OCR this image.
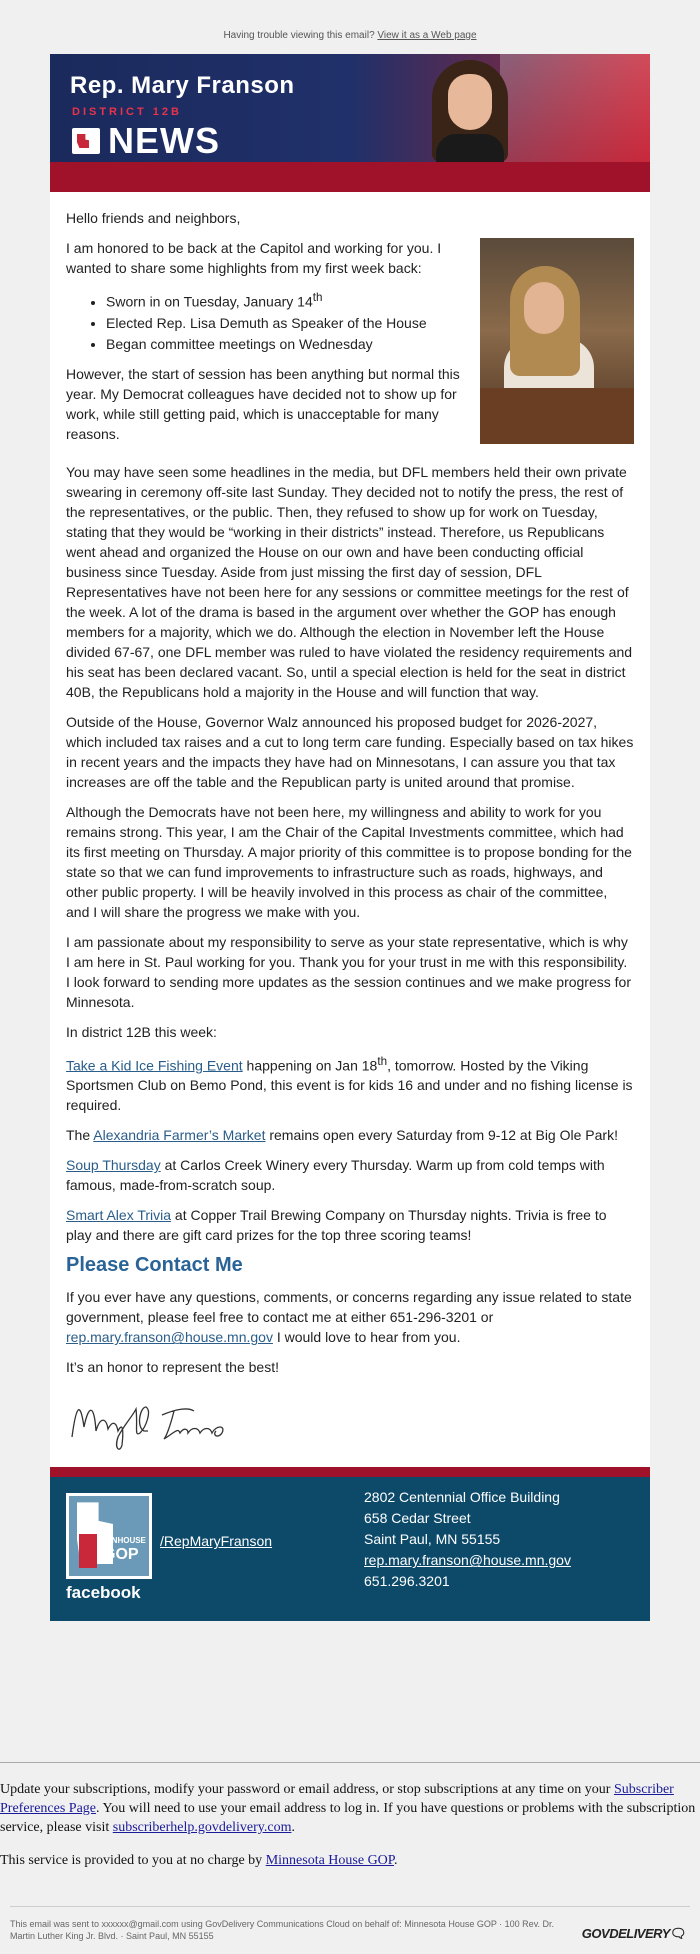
Having trouble viewing this email? View it as a Web page
Rep. Mary Franson
DISTRICT 12B
NEWS

Hello friends and neighbors,

I am honored to be back at the Capitol and working for you. I wanted to share some highlights from my first week back:

• Sworn in on Tuesday, January 14th
• Elected Rep. Lisa Demuth as Speaker of the House
• Began committee meetings on Wednesday

However, the start of session has been anything but normal this year. My Democrat colleagues have decided not to show up for work, while still getting paid, which is unacceptable for many reasons.

You may have seen some headlines in the media, but DFL members held their own private swearing in ceremony off-site last Sunday. They decided not to notify the press, the rest of the representatives, or the public. Then, they refused to show up for work on Tuesday, stating that they would be “working in their districts” instead. Therefore, us Republicans went ahead and organized the House on our own and have been conducting official business since Tuesday. Aside from just missing the first day of session, DFL Representatives have not been here for any sessions or committee meetings for the rest of the week. A lot of the drama is based in the argument over whether the GOP has enough members for a majority, which we do. Although the election in November left the House divided 67-67, one DFL member was ruled to have violated the residency requirements and his seat has been declared vacant. So, until a special election is held for the seat in district 40B, the Republicans hold a majority in the House and will function that way.

Outside of the House, Governor Walz announced his proposed budget for 2026-2027, which included tax raises and a cut to long term care funding. Especially based on tax hikes in recent years and the impacts they have had on Minnesotans, I can assure you that tax increases are off the table and the Republican party is united around that promise.

Although the Democrats have not been here, my willingness and ability to work for you remains strong. This year, I am the Chair of the Capital Investments committee, which had its first meeting on Thursday. A major priority of this committee is to propose bonding for the state so that we can fund improvements to infrastructure such as roads, highways, and other public property. I will be heavily involved in this process as chair of the committee, and I will share the progress we make with you.

I am passionate about my responsibility to serve as your state representative, which is why I am here in St. Paul working for you. Thank you for your trust in me with this responsibility. I look forward to sending more updates as the session continues and we make progress for Minnesota.

In district 12B this week:

Take a Kid Ice Fishing Event happening on Jan 18th, tomorrow. Hosted by the Viking Sportsmen Club on Bemo Pond, this event is for kids 16 and under and no fishing license is required.

The Alexandria Farmer’s Market remains open every Saturday from 9-12 at Big Ole Park!

Soup Thursday at Carlos Creek Winery every Thursday. Warm up from cold temps with famous, made-from-scratch soup.

Smart Alex Trivia at Copper Trail Brewing Company on Thursday nights. Trivia is free to play and there are gift card prizes for the top three scoring teams!

Please Contact Me

If you ever have any questions, comments, or concerns regarding any issue related to state government, please feel free to contact me at either 651-296-3201 or rep.mary.franson@house.mn.gov I would love to hear from you.

It’s an honor to represent the best!

MNHOUSE
GOP
facebook
/RepMaryFranson
2802 Centennial Office Building
658 Cedar Street
Saint Paul, MN 55155
rep.mary.franson@house.mn.gov
651.296.3201

Update your subscriptions, modify your password or email address, or stop subscriptions at any time on your Subscriber Preferences Page. You will need to use your email address to log in. If you have questions or problems with the subscription service, please visit subscriberhelp.govdelivery.com.

This service is provided to you at no charge by Minnesota House GOP.

This email was sent to xxxxxx@gmail.com using GovDelivery Communications Cloud on behalf of: Minnesota House GOP · 100 Rev. Dr. Martin Luther King Jr. Blvd. · Saint Paul, MN 55155	GOVDELIVERY🗨
